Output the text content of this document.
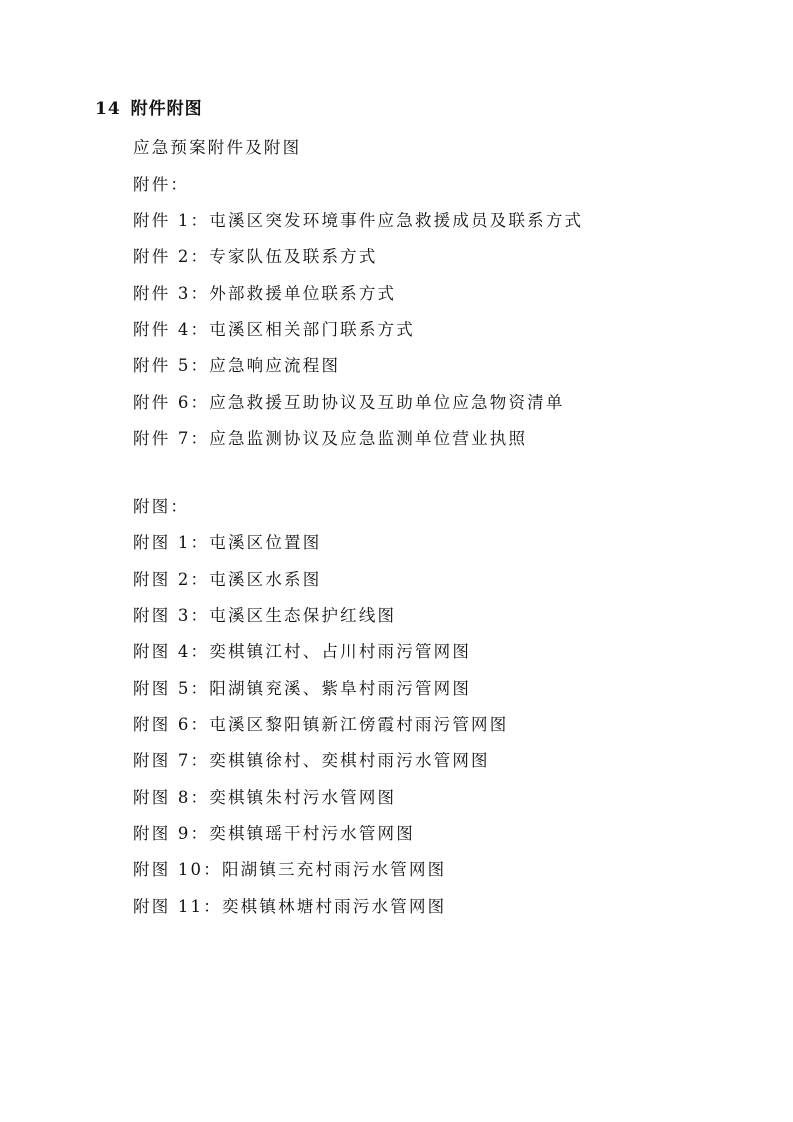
14 附件附图
应急预案附件及附图
附件：
附件 1：屯溪区突发环境事件应急救援成员及联系方式
附件 2：专家队伍及联系方式
附件 3：外部救援单位联系方式
附件 4：屯溪区相关部门联系方式
附件 5：应急响应流程图
附件 6：应急救援互助协议及互助单位应急物资清单
附件 7：应急监测协议及应急监测单位营业执照
附图：
附图 1：屯溪区位置图
附图 2：屯溪区水系图
附图 3：屯溪区生态保护红线图
附图 4：奕棋镇江村、占川村雨污管网图
附图 5：阳湖镇兖溪、紫阜村雨污管网图
附图 6：屯溪区黎阳镇新江傍霞村雨污管网图
附图 7：奕棋镇徐村、奕棋村雨污水管网图
附图 8：奕棋镇朱村污水管网图
附图 9：奕棋镇瑶干村污水管网图
附图 10：阳湖镇三充村雨污水管网图
附图 11：奕棋镇林塘村雨污水管网图
